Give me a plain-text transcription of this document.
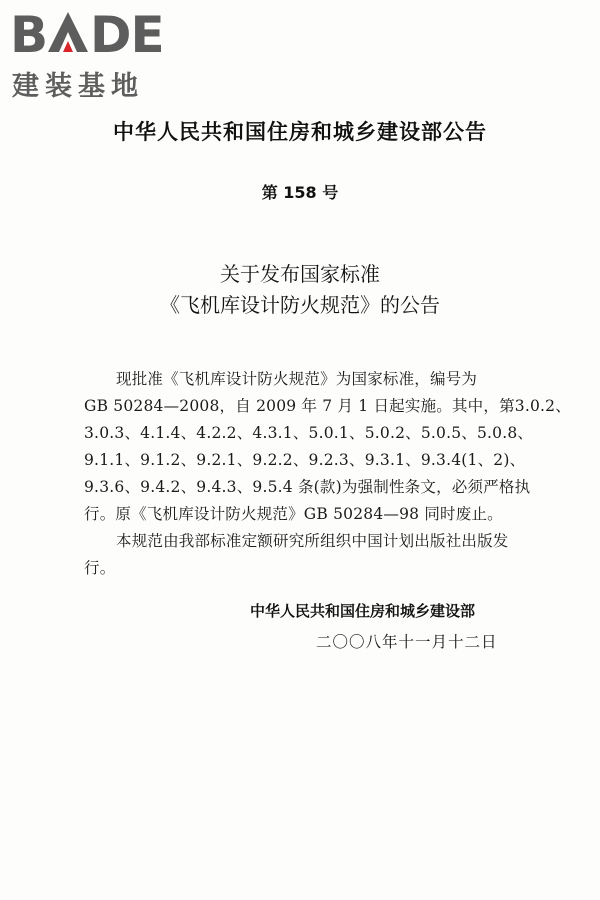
B DE
建装基地
中华人民共和国住房和城乡建设部公告
第 158 号
关于发布国家标准
《飞机库设计防火规范》的公告
现批准《飞机库设计防火规范》为国家标准，编号为
GB 50284—2008，自 2009 年 7 月 1 日起实施。其中，第3.0.2、
3.0.3、4.1.4、4.2.2、4.3.1、5.0.1、5.0.2、5.0.5、5.0.8、
9.1.1、9.1.2、9.2.1、9.2.2、9.2.3、9.3.1、9.3.4(1、2)、
9.3.6、9.4.2、9.4.3、9.5.4 条(款)为强制性条文，必须严格执
行。原《飞机库设计防火规范》GB 50284—98 同时废止。
本规范由我部标准定额研究所组织中国计划出版社出版发
行。
中华人民共和国住房和城乡建设部
二〇〇八年十一月十二日
